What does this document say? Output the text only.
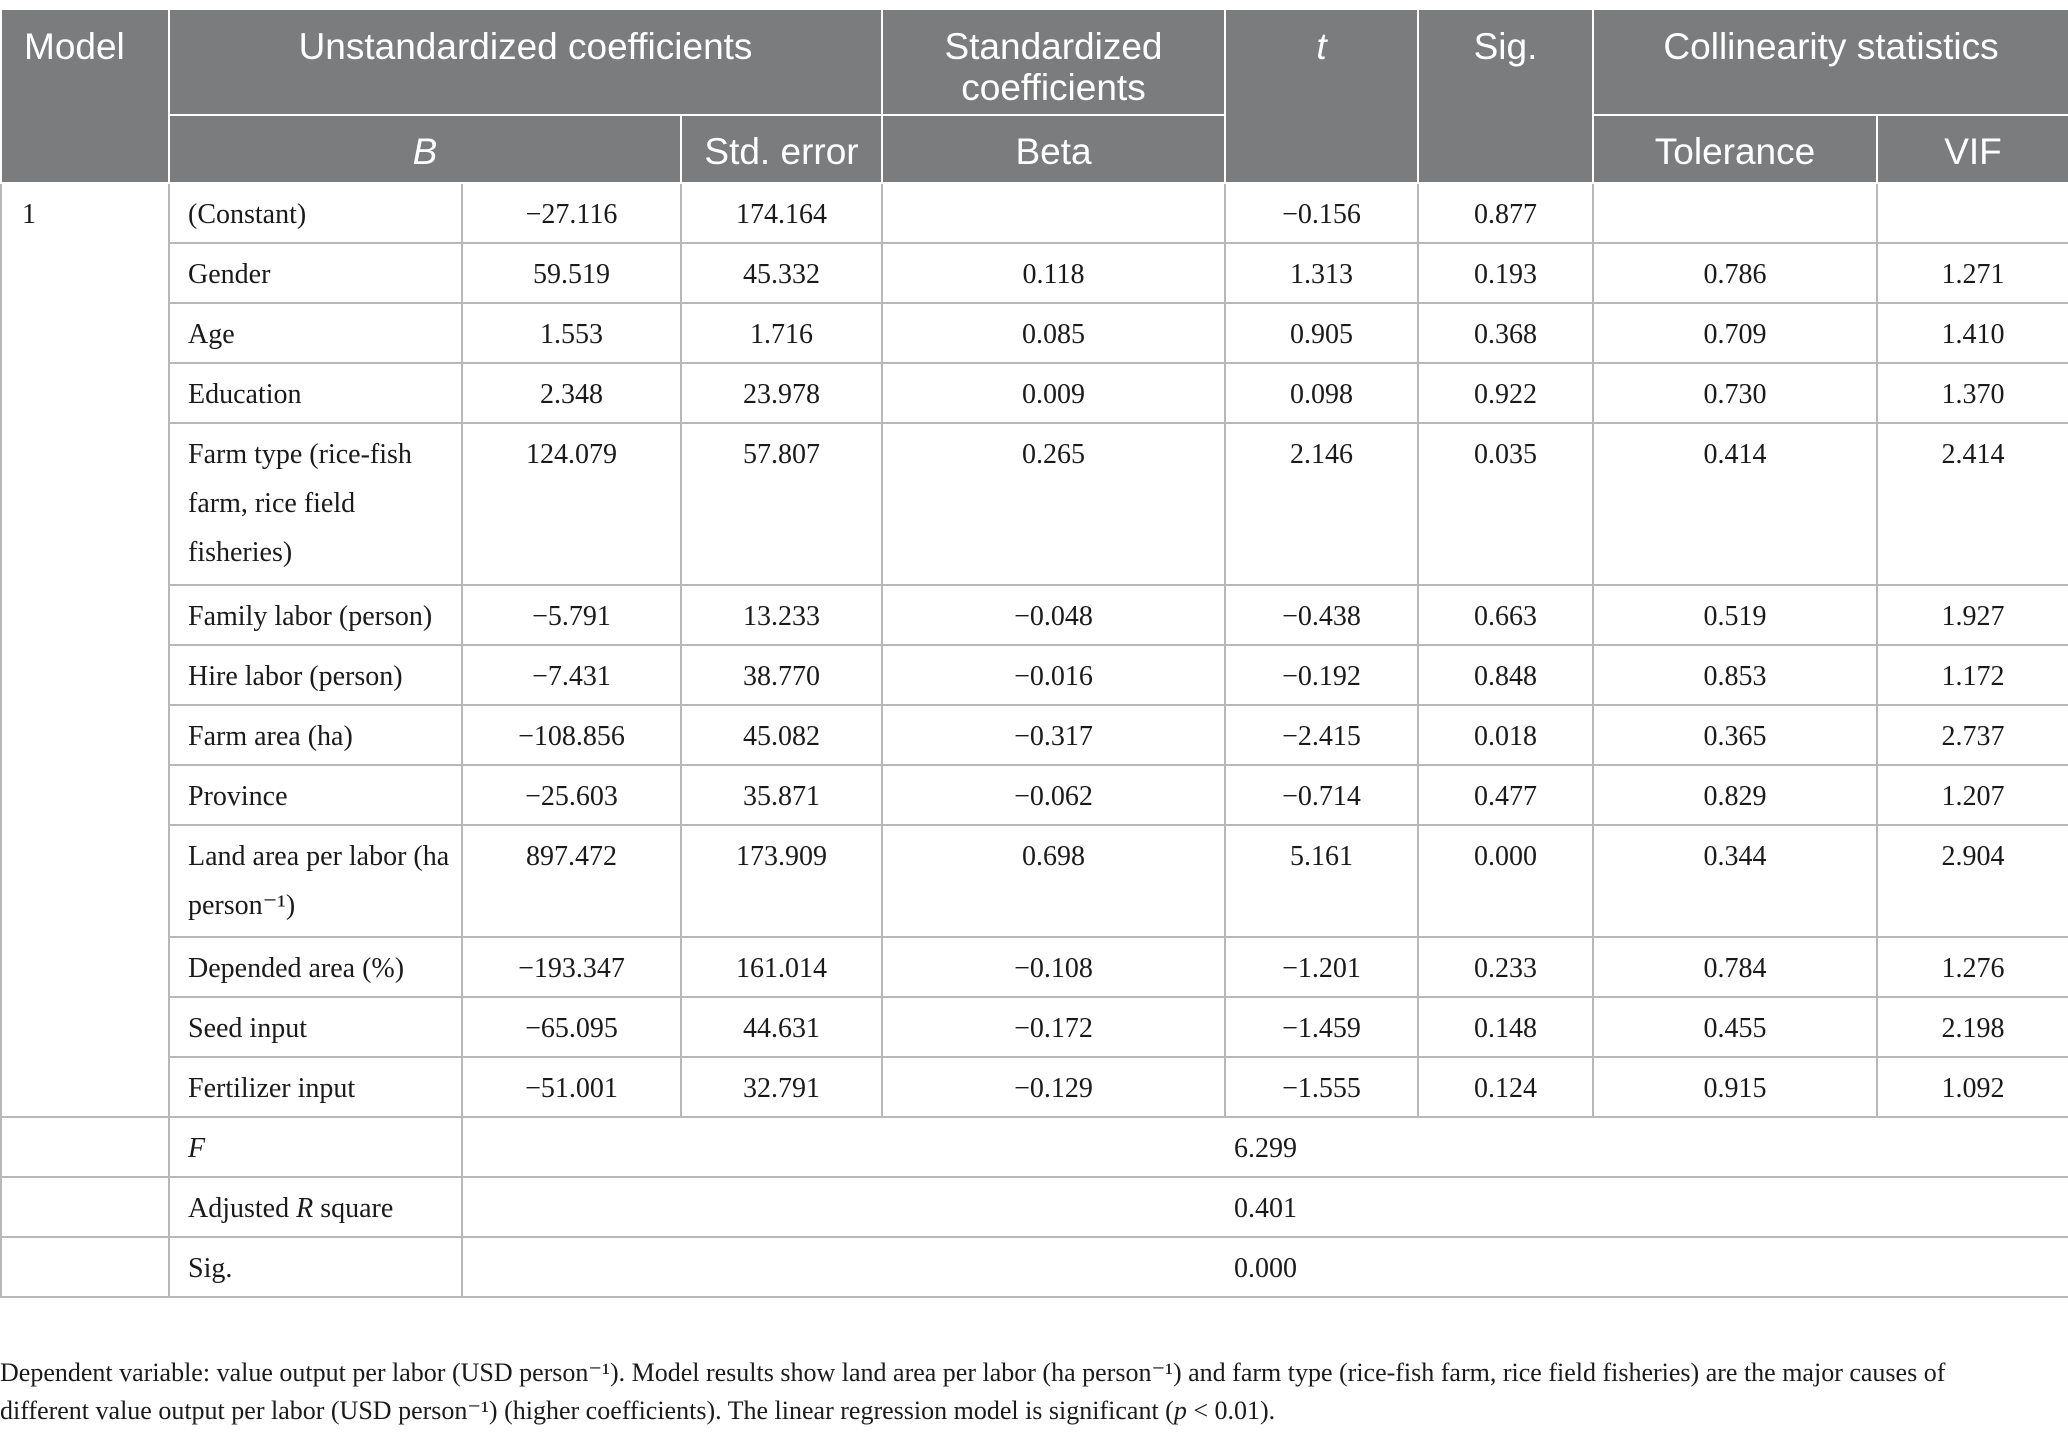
Model	Unstandardized coefficients			Standardized coefficients	t	Sig.	Collinearity statistics	
	B		Std. error	Beta			Tolerance	VIF
1	(Constant)	−27.116	174.164		−0.156	0.877		
	Gender	59.519	45.332	0.118	1.313	0.193	0.786	1.271
	Age	1.553	1.716	0.085	0.905	0.368	0.709	1.410
	Education	2.348	23.978	0.009	0.098	0.922	0.730	1.370
	Farm type (rice-fish farm, rice field fisheries)	124.079	57.807	0.265	2.146	0.035	0.414	2.414
	Family labor (person)	−5.791	13.233	−0.048	−0.438	0.663	0.519	1.927
	Hire labor (person)	−7.431	38.770	−0.016	−0.192	0.848	0.853	1.172
	Farm area (ha)	−108.856	45.082	−0.317	−2.415	0.018	0.365	2.737
	Province	−25.603	35.871	−0.062	−0.714	0.477	0.829	1.207
	Land area per labor (ha person⁻¹)	897.472	173.909	0.698	5.161	0.000	0.344	2.904
	Depended area (%)	−193.347	161.014	−0.108	−1.201	0.233	0.784	1.276
	Seed input	−65.095	44.631	−0.172	−1.459	0.148	0.455	2.198
	Fertilizer input	−51.001	32.791	−0.129	−1.555	0.124	0.915	1.092
	F	6.299						
	Adjusted R square	0.401						
	Sig.	0.000						
Dependent variable: value output per labor (USD person⁻¹). Model results show land area per labor (ha person⁻¹) and farm type (rice-fish farm, rice field fisheries) are the major causes of different value output per labor (USD person⁻¹) (higher coefficients). The linear regression model is significant (p < 0.01).
